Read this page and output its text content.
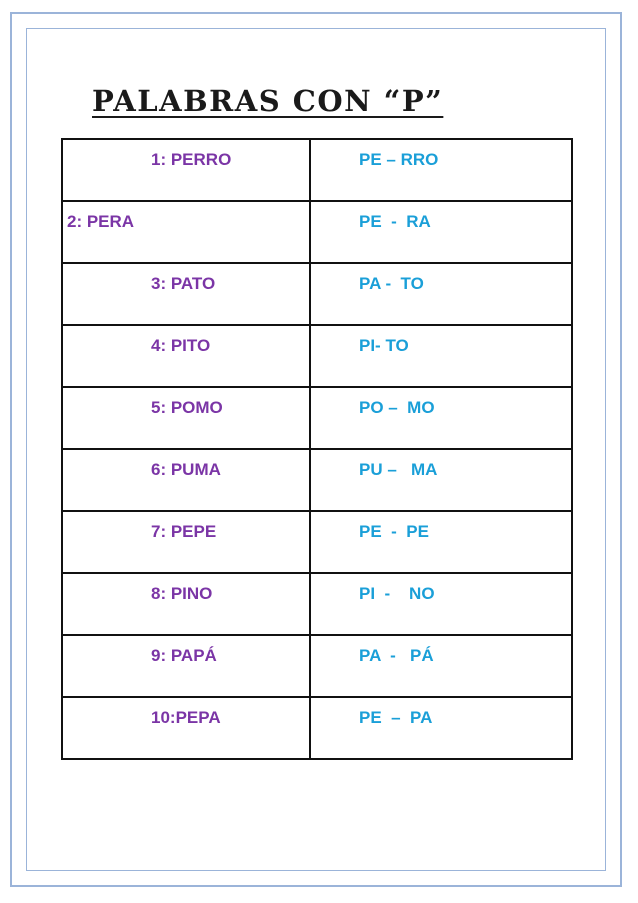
PALABRAS CON “P”
1: PERRO	PE – RRO
2: PERA	PE  -  RA
3: PATO	PA -  TO
4: PITO	PI- TO
5: POMO	PO –  MO
6: PUMA	PU –   MA
7: PEPE	PE  -  PE
8: PINO	PI  -    NO
9: PAPÁ	PA  -   PÁ
10:PEPA	PE  –  PA
